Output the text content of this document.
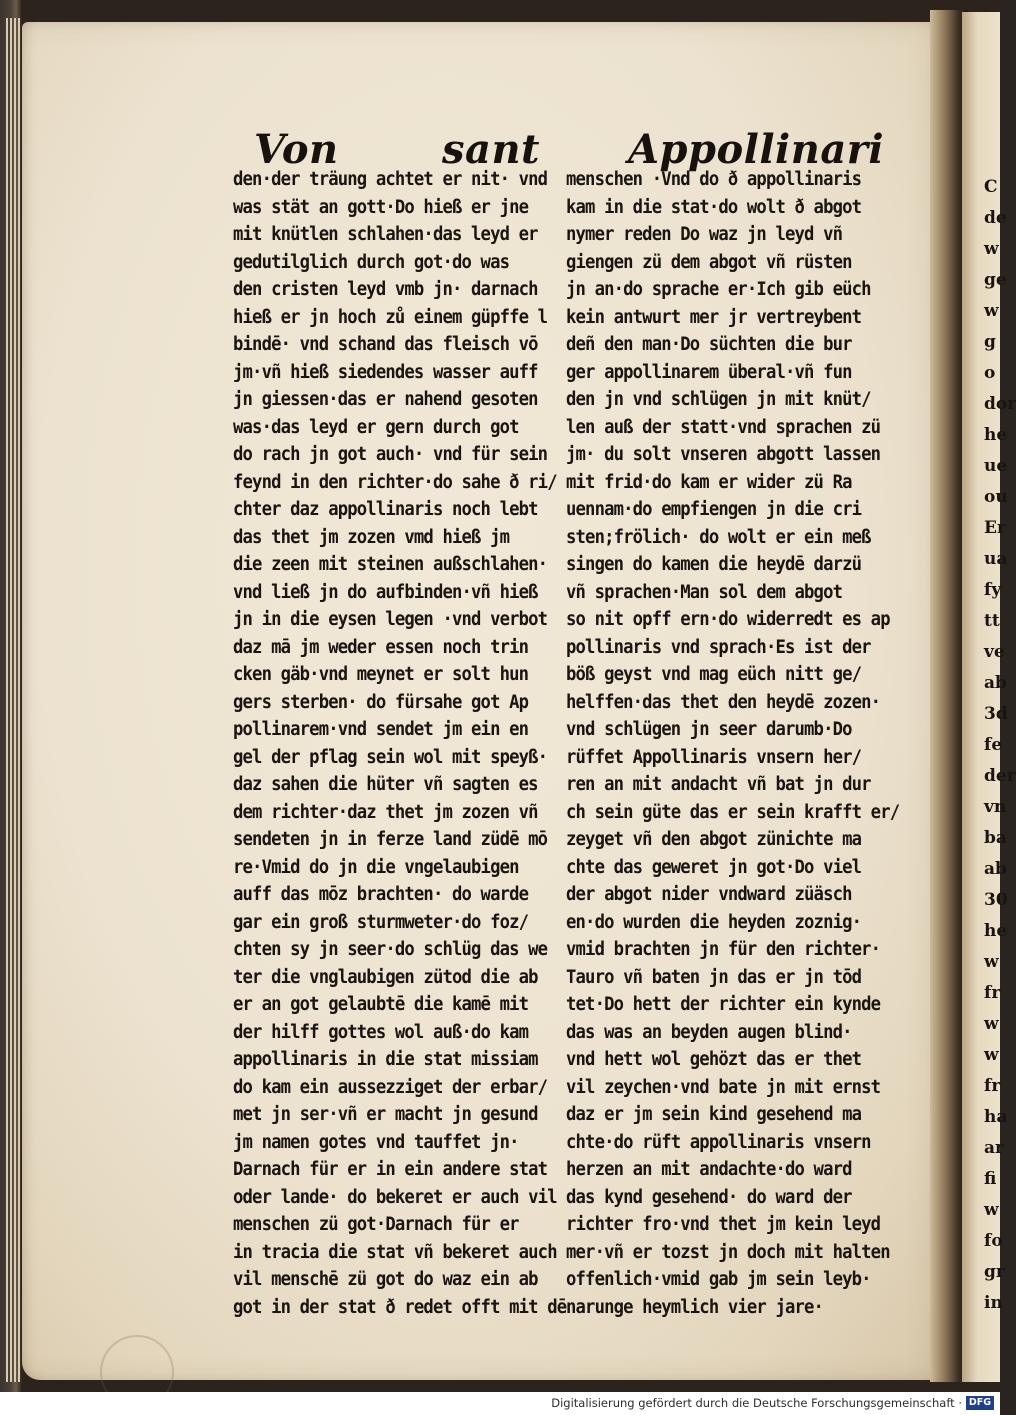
Von	sant Appollinari
den·der träung achtet er nit· vnd
was stät an gott·Do hieß er jne
mit knütlen schlahen·das leyd er
gedutilglich durch got·do was
den cristen leyd vmb jn· darnach
hieß er jn hoch zů einem güpffe l
bindē· vnd schand das fleisch vō
jm·vñ hieß siedendes wasser auff
jn giessen·das er nahend gesoten
was·das leyd er gern durch got
do rach jn got auch· vnd für sein
feynd in den richter·do sahe ð ri/
chter daz appollinaris noch lebt
das thet jm zozen vmd hieß jm
die zeen mit steinen außschlahen·
vnd ließ jn do aufbinden·vñ hieß
jn in die eysen legen ·vnd verbot
daz mā jm weder essen noch trin
cken gäb·vnd meynet er solt hun
gers sterben· do fürsahe got Ap
pollinarem·vnd sendet jm ein en
gel der pflag sein wol mit speyß·
daz sahen die hüter vñ sagten es
dem richter·daz thet jm zozen vñ
sendeten jn in ferze land züdē mō
re·Vmid do jn die vngelaubigen
auff das mōz brachten· do warde
gar ein groß sturmweter·do foz/
chten sy jn seer·do schlüg das we
ter die vnglaubigen zütod die ab
er an got gelaubtē die kamē mit
der hilff gottes wol auß·do kam
appollinaris in die stat missiam
do kam ein aussezziget der erbar/
met jn ser·vñ er macht jn gesund
jm namen gotes vnd tauffet jn·
Darnach für er in ein andere stat
oder lande· do bekeret er auch vil
menschen zü got·Darnach für er
in tracia die stat vñ bekeret auch
vil menschē zü got do waz ein ab
got in der stat ð redet offt mit dē
menschen ·Vnd do ð appollinaris
kam in die stat·do wolt ð abgot
nymer reden Do waz jn leyd vñ
giengen zü dem abgot vñ rüsten
jn an·do sprache er·Ich gib eüch
kein antwurt mer jr vertreybent
deñ den man·Do süchten die bur
ger appollinarem überal·vñ fun
den jn vnd schlügen jn mit knüt/
len auß der statt·vnd sprachen zü
jm· du solt vnseren abgott lassen
mit frid·do kam er wider zü Ra
uennam·do empfiengen jn die cri
sten;frölich· do wolt er ein meß
singen do kamen die heydē darzü
vñ sprachen·Man sol dem abgot
so nit opff ern·do widerredt es ap
pollinaris vnd sprach·Es ist der
böß geyst vnd mag eüch nitt ge/
helffen·das thet den heydē zozen·
vnd schlügen jn seer darumb·Do
rüffet Appollinaris vnsern her/
ren an mit andacht vñ bat jn dur
ch sein güte das er sein krafft er/
zeyget vñ den abgot zünichte ma
chte das geweret jn got·Do viel
der abgot nider vndward züäsch
en·do wurden die heyden zoznig·
vmid brachten jn für den richter·
Tauro vñ baten jn das er jn tōd
tet·Do hett der richter ein kynde
das was an beyden augen blind·
vnd hett wol gehözt das er thet
vil zeychen·vnd bate jn mit ernst
daz er jm sein kind gesehend ma
chte·do rüft appollinaris vnsern
herzen an mit andachte·do ward
das kynd gesehend· do ward der
richter fro·vnd thet jm kein leyd
mer·vñ er tozst jn doch mit halten
offenlich·vmid gab jm sein leyb·
narunge heymlich vier jare·
C
de
w
ge
w
g
o
dor
he
ue
ou
Er
ua
fy
tt
ve
ab
3d
fe
der
vn
ba
ab
30
he
w
fr
w
w
fr
ha
ar
fi
w
fo
gr
in
Digitalisierung gefördert durch die Deutsche Forschungsgemeinschaft · DFG
